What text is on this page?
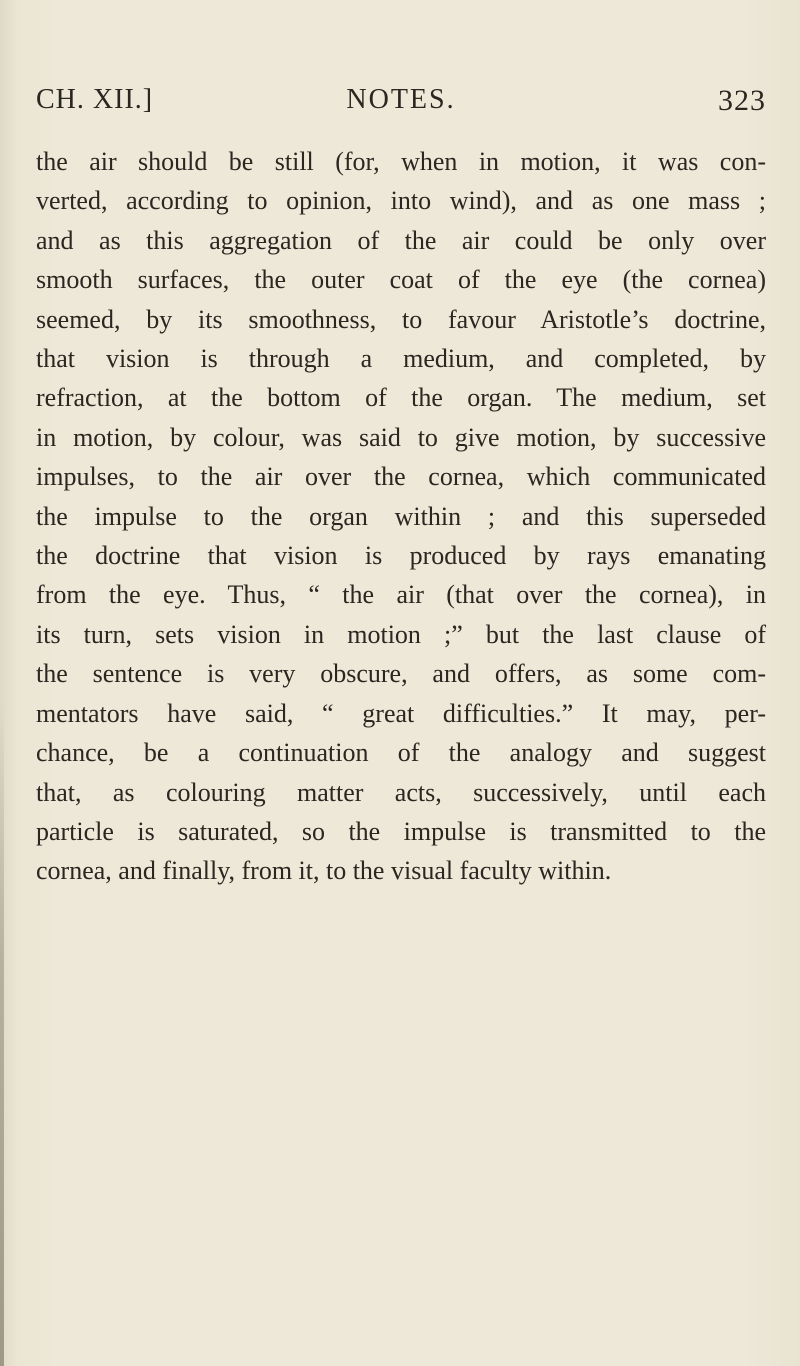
CH. XII.]	NOTES.	323
the air should be still (for, when in motion, it was con-
verted, according to opinion, into wind), and as one mass ;
and as this aggregation of the air could be only over
smooth surfaces, the outer coat of the eye (the cornea)
seemed, by its smoothness, to favour Aristotle’s doctrine,
that vision is through a medium, and completed, by
refraction, at the bottom of the organ. The medium, set
in motion, by colour, was said to give motion, by successive
impulses, to the air over the cornea, which communicated
the impulse to the organ within ; and this superseded
the doctrine that vision is produced by rays emanating
from the eye. Thus, “ the air (that over the cornea), in
its turn, sets vision in motion ;” but the last clause of
the sentence is very obscure, and offers, as some com-
mentators have said, “ great difficulties.” It may, per-
chance, be a continuation of the analogy and suggest
that, as colouring matter acts, successively, until each
particle is saturated, so the impulse is transmitted to the
cornea, and finally, from it, to the visual faculty within.
